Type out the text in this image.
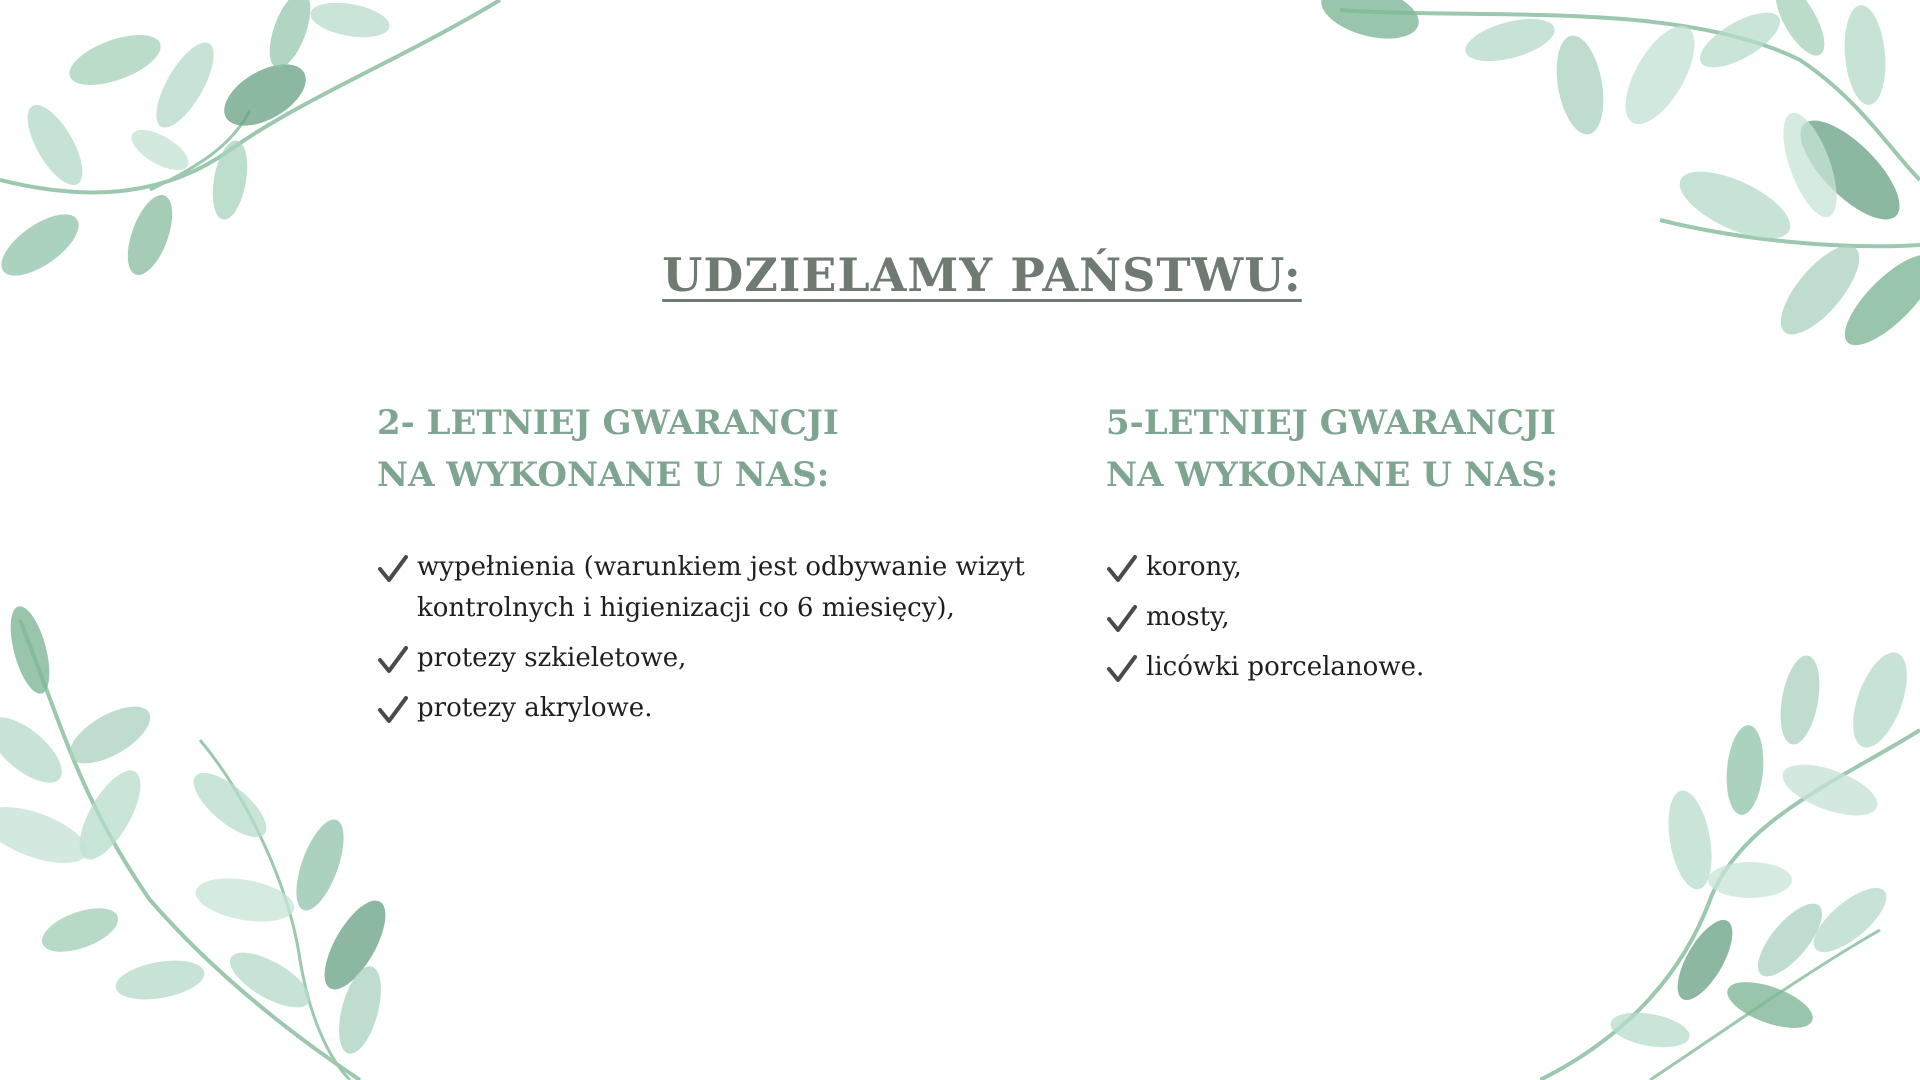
UDZIELAMY PAŃSTWU:
2- LETNIEJ GWARANCJI
NA WYKONANE U NAS:
wypełnienia (warunkiem jest odbywanie wizyt kontrolnych i higienizacji co 6 miesięcy),
protezy szkieletowe,
protezy akrylowe.
5-LETNIEJ GWARANCJI
NA WYKONANE U NAS:
korony,
mosty,
licówki porcelanowe.
